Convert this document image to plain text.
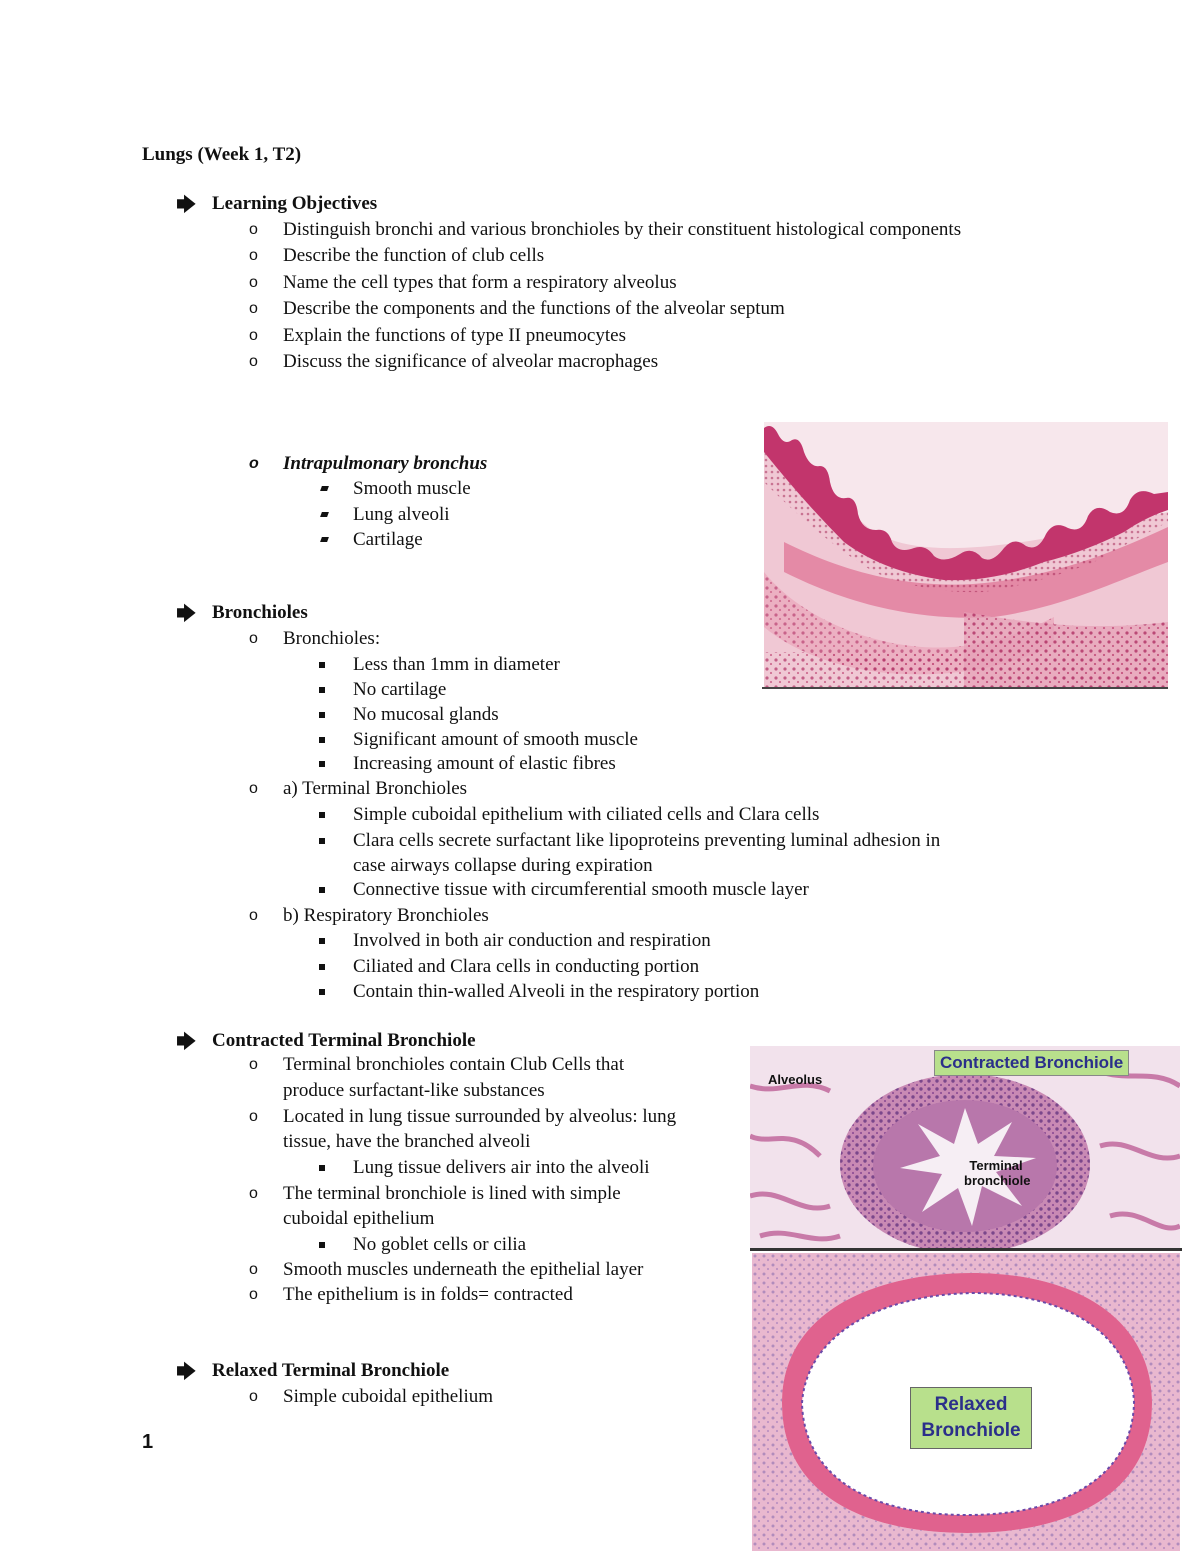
Lungs (Week 1, T2)
🡆 Learning Objectives
o Distinguish bronchi and various bronchioles by their constituent histological components
o Describe the function of club cells
o Name the cell types that form a respiratory alveolus
o Describe the components and the functions of the alveolar septum
o Explain the functions of type II pneumocytes
o Discuss the significance of alveolar macrophages
o Intrapulmonary bronchus
Smooth muscle
Lung alveoli
Cartilage
🡆 Bronchioles
o Bronchioles:
Less than 1mm in diameter
No cartilage
No mucosal glands
Significant amount of smooth muscle
Increasing amount of elastic fibres
o a) Terminal Bronchioles
Simple cuboidal epithelium with ciliated cells and Clara cells
Clara cells secrete surfactant like lipoproteins preventing luminal adhesion in
case airways collapse during expiration
Connective tissue with circumferential smooth muscle layer
o b) Respiratory Bronchioles
Involved in both air conduction and respiration
Ciliated and Clara cells in conducting portion
Contain thin-walled Alveoli in the respiratory portion
🡆 Contracted Terminal Bronchiole
o Terminal bronchioles contain Club Cells that
produce surfactant-like substances
o Located in lung tissue surrounded by alveolus: lung
tissue, have the branched alveoli
Lung tissue delivers air into the alveoli
o The terminal bronchiole is lined with simple
cuboidal epithelium
No goblet cells or cilia
o Smooth muscles underneath the epithelial layer
o The epithelium is in folds= contracted
🡆 Relaxed Terminal Bronchiole
o Simple cuboidal epithelium
1
Contracted Bronchiole
Alveolus
Terminal
bronchiole
Relaxed
Bronchiole
